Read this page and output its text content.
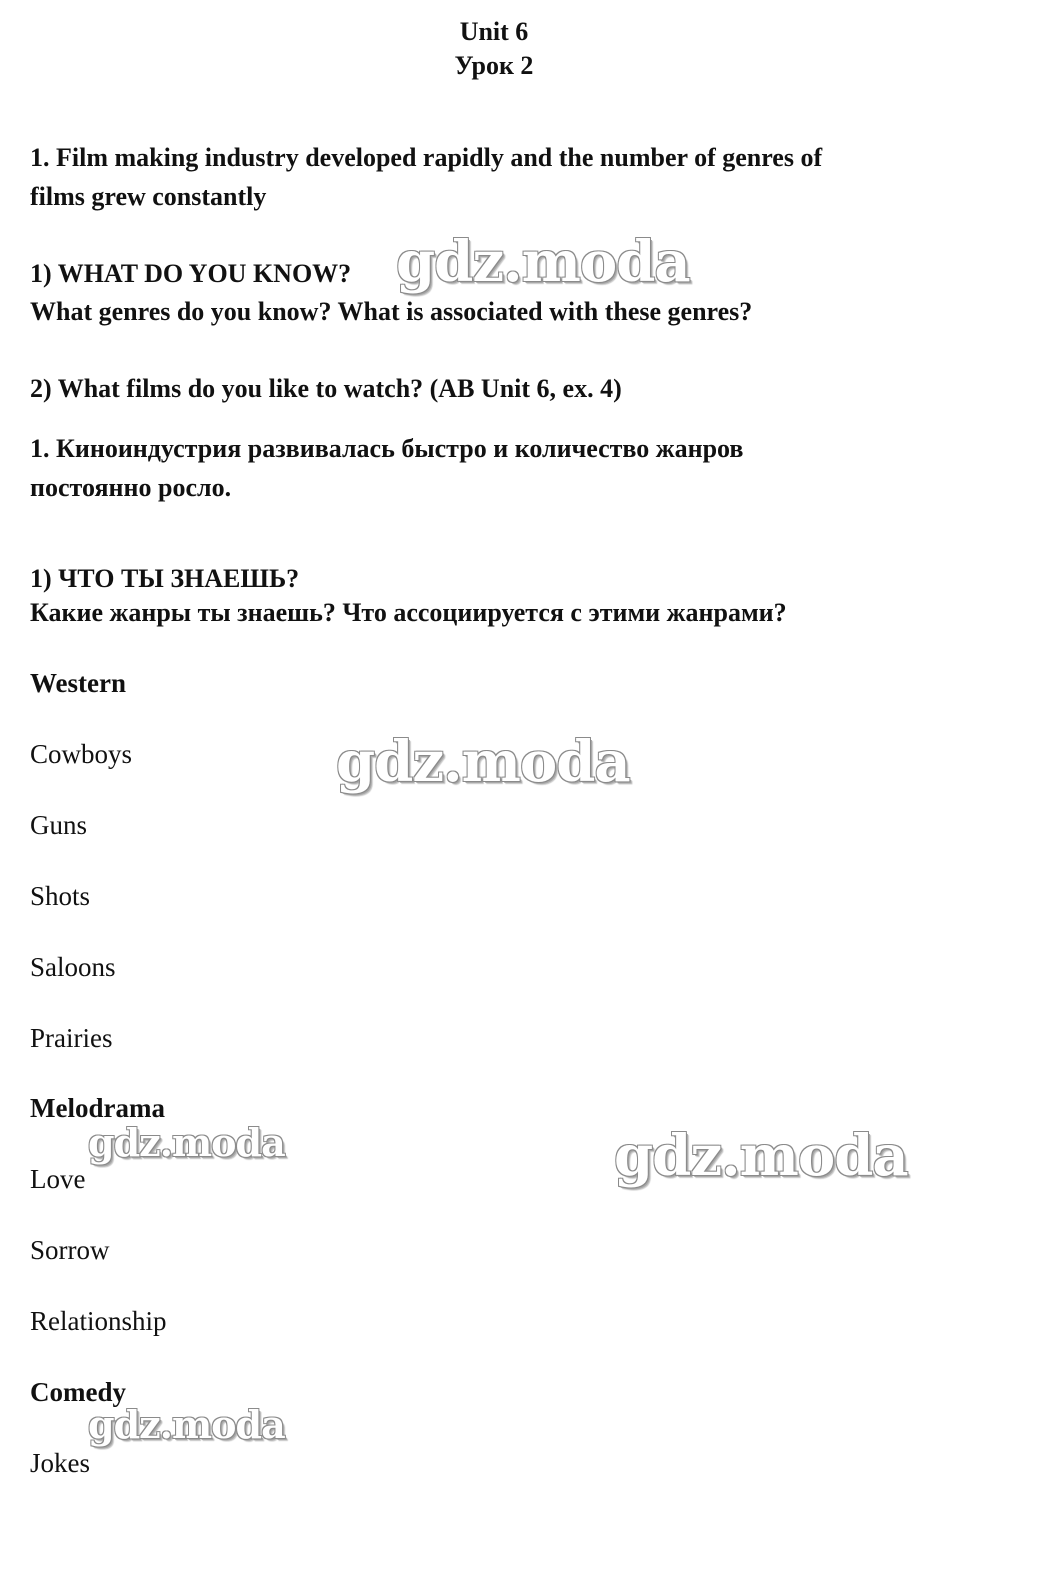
Unit 6
Урок 2
1. Film making industry developed rapidly and the number of genres of
films grew constantly
1) WHAT DO YOU KNOW?
What genres do you know? What is associated with these genres?
2) What films do you like to watch? (AB Unit 6, ex. 4)
1. Киноиндустрия развивалась быстро и количество жанров
постоянно росло.
1) ЧТО ТЫ ЗНАЕШЬ?
Какие жанры ты знаешь? Что ассоциируется с этими жанрами?
Western
Cowboys
Guns
Shots
Saloons
Prairies
Melodrama
Love
Sorrow
Relationship
Comedy
Jokes
gdz.moda
gdz.moda
gdz.moda
gdz.moda
gdz.moda
